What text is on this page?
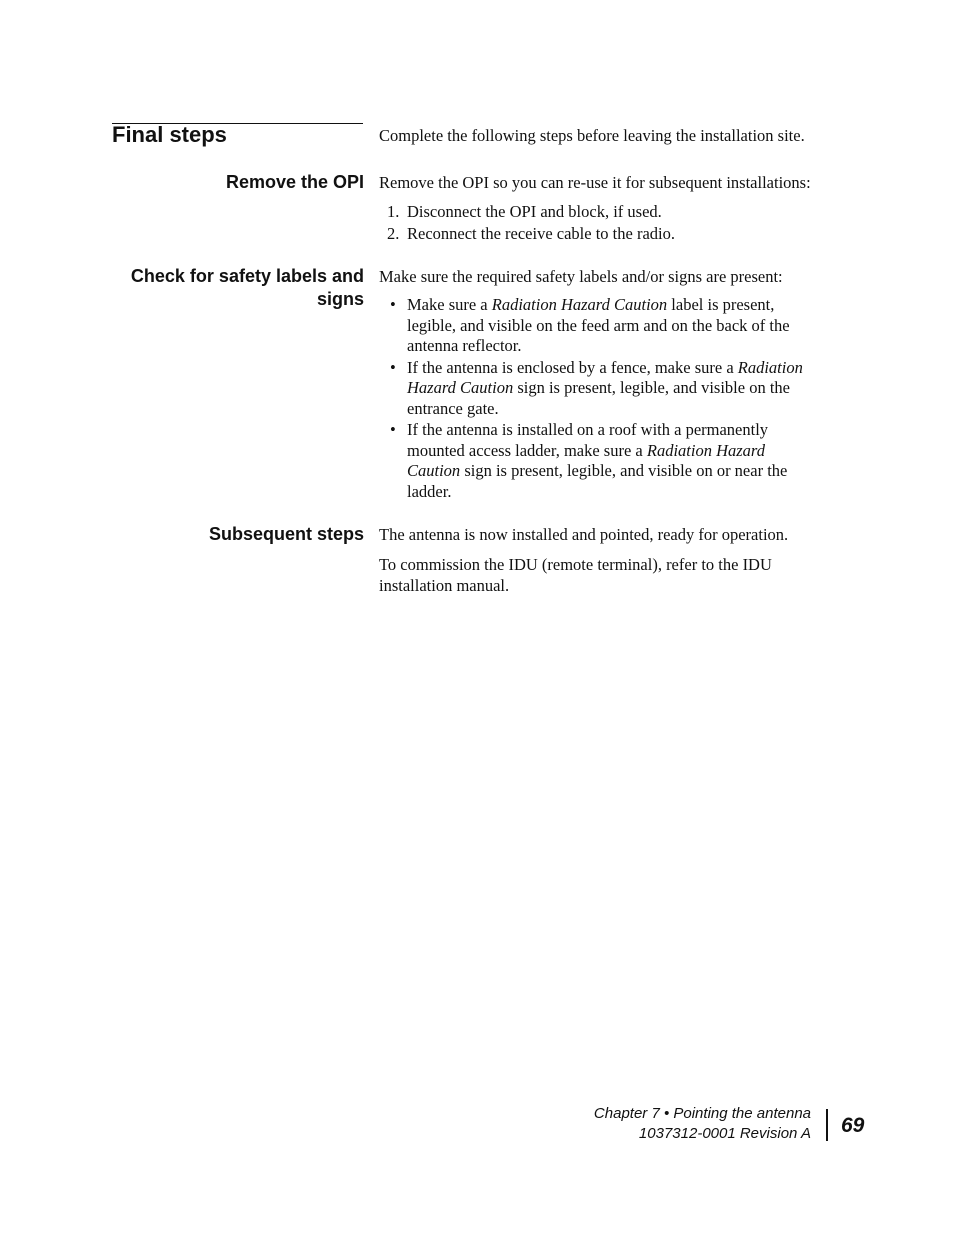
Final steps	Complete the following steps before leaving the installation site.

Remove the OPI Remove the OPI so you can re-use it for subsequent installations:

1. Disconnect the OPI and block, if used.
2. Reconnect the receive cable to the radio.
Check for safety labels and
signs

Make sure the required safety labels and/or signs are present:

• Make sure a Radiation Hazard Caution label is present, legible, and visible on the feed arm and on the back of the antenna reflector.
• If the antenna is enclosed by a fence, make sure a Radiation Hazard Caution sign is present, legible, and visible on the entrance gate.
• If the antenna is installed on a roof with a permanently mounted access ladder, make sure a Radiation Hazard Caution sign is present, legible, and visible on or near the ladder.
Subsequent steps The antenna is now installed and pointed, ready for operation.

To commission the IDU (remote terminal), refer to the IDU installation manual.

Chapter 7 • Pointing the antenna
1037312-0001 Revision A 69
